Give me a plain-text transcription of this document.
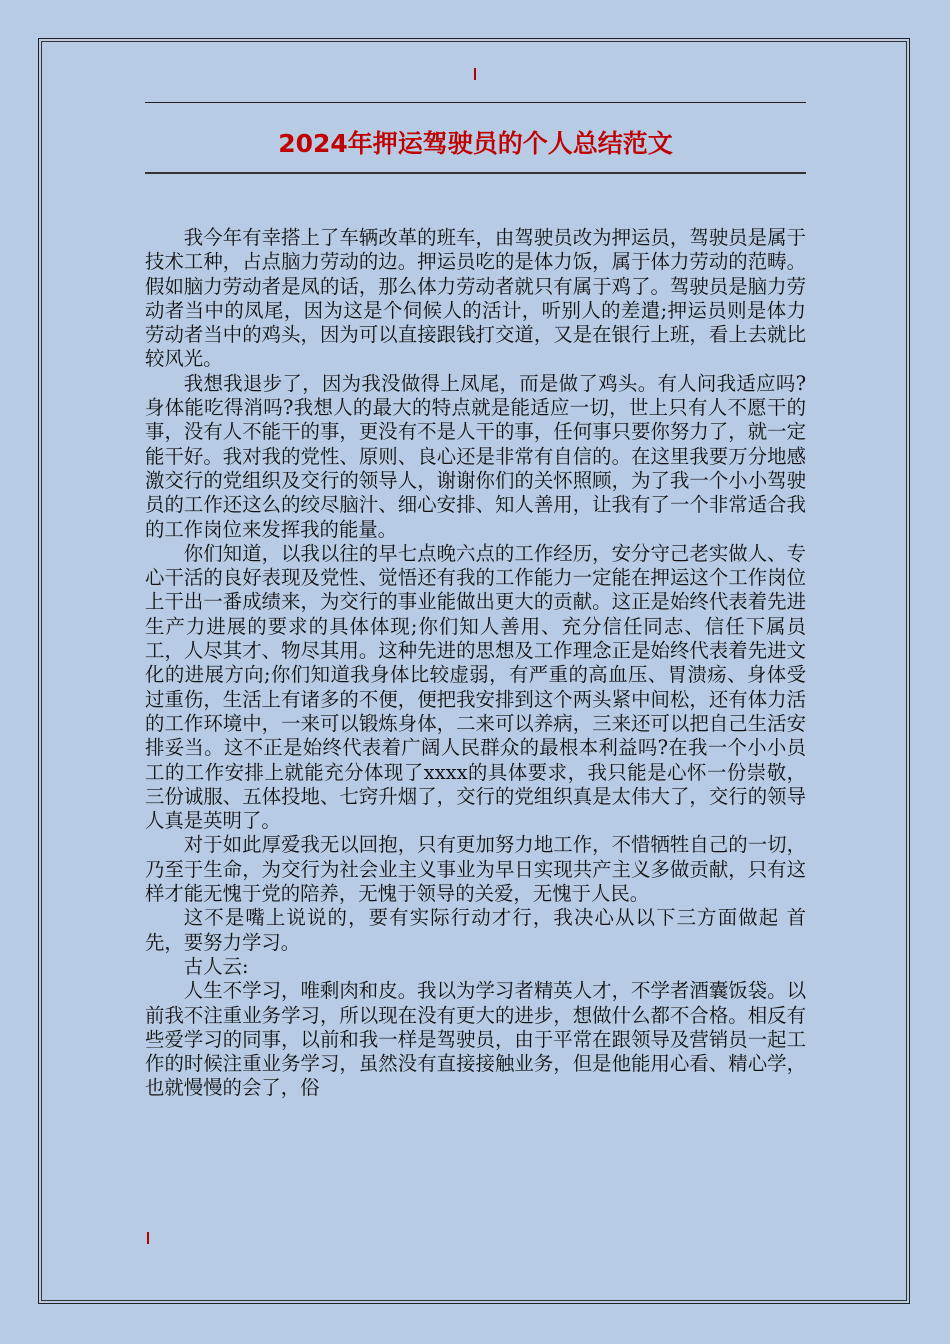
2024年押运驾驶员的个人总结范文

我今年有幸搭上了车辆改革的班车，由驾驶员改为押运员，驾驶员是属于技术工种，占点脑力劳动的边。押运员吃的是体力饭，属于体力劳动的范畴。假如脑力劳动者是凤的话，那么体力劳动者就只有属于鸡了。驾驶员是脑力劳动者当中的凤尾，因为这是个伺候人的活计，听别人的差遣;押运员则是体力劳动者当中的鸡头，因为可以直接跟钱打交道，又是在银行上班，看上去就比较风光。

我想我退步了，因为我没做得上凤尾，而是做了鸡头。有人问我适应吗?身体能吃得消吗?我想人的最大的特点就是能适应一切，世上只有人不愿干的事，没有人不能干的事，更没有不是人干的事，任何事只要你努力了，就一定能干好。我对我的党性、原则、良心还是非常有自信的。在这里我要万分地感激交行的党组织及交行的领导人，谢谢你们的关怀照顾，为了我一个小小驾驶员的工作还这么的绞尽脑汁、细心安排、知人善用，让我有了一个非常适合我的工作岗位来发挥我的能量。

你们知道，以我以往的早七点晚六点的工作经历，安分守己老实做人、专心干活的良好表现及党性、觉悟还有我的工作能力一定能在押运这个工作岗位上干出一番成绩来，为交行的事业能做出更大的贡献。这正是始终代表着先进生产力进展的要求的具体体现;你们知人善用、充分信任同志、信任下属员工，人尽其才、物尽其用。这种先进的思想及工作理念正是始终代表着先进文化的进展方向;你们知道我身体比较虚弱，有严重的高血压、胃溃疡、身体受过重伤，生活上有诸多的不便，便把我安排到这个两头紧中间松，还有体力活的工作环境中，一来可以锻炼身体，二来可以养病，三来还可以把自己生活安排妥当。这不正是始终代表着广阔人民群众的最根本利益吗?在我一个小小员工的工作安排上就能充分体现了xxxx的具体要求，我只能是心怀一份崇敬，三份诚服、五体投地、七窍升烟了，交行的党组织真是太伟大了，交行的领导人真是英明了。

对于如此厚爱我无以回抱，只有更加努力地工作，不惜牺牲自己的一切，乃至于生命，为交行为社会业主义事业为早日实现共产主义多做贡献，只有这样才能无愧于党的陪养，无愧于领导的关爱，无愧于人民。

这不是嘴上说说的，要有实际行动才行，我决心从以下三方面做起 首先，要努力学习。

古人云:

人生不学习，唯剩肉和皮。我以为学习者精英人才，不学者酒囊饭袋。以前我不注重业务学习，所以现在没有更大的进步，想做什么都不合格。相反有些爱学习的同事，以前和我一样是驾驶员，由于平常在跟领导及营销员一起工作的时候注重业务学习，虽然没有直接接触业务，但是他能用心看、精心学，也就慢慢的会了，俗
